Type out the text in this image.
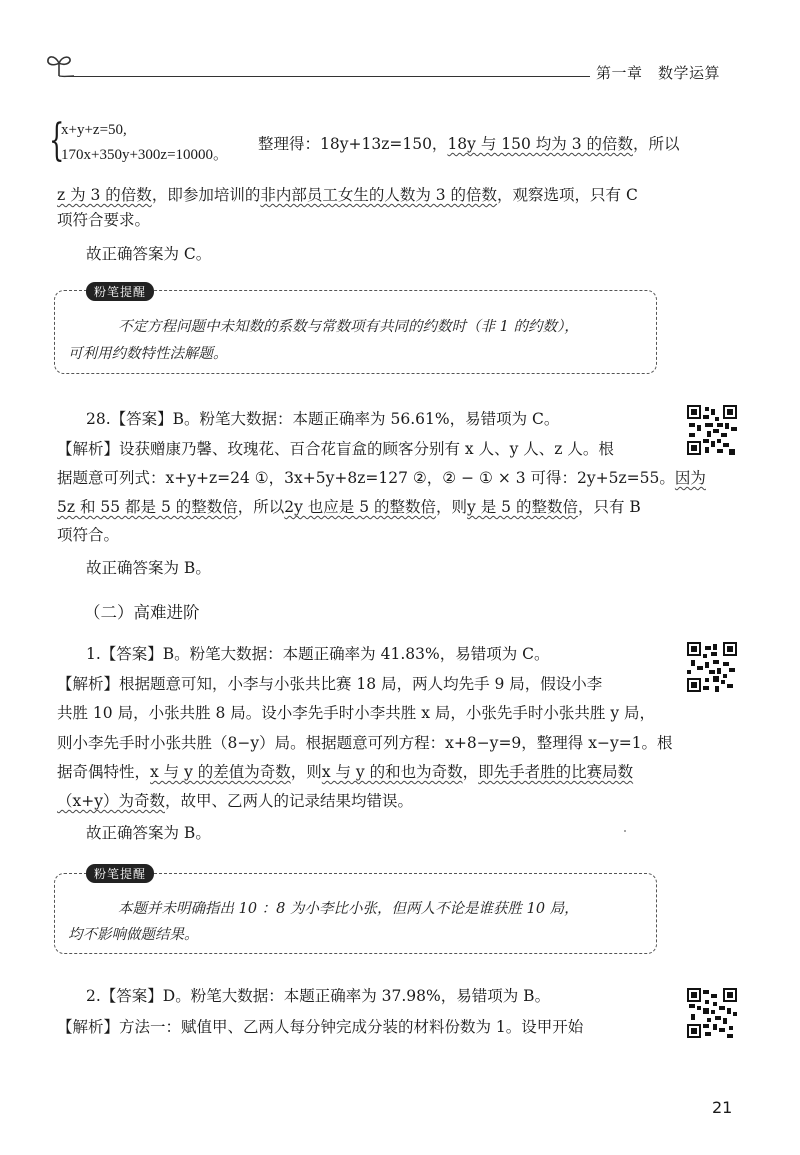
第一章　数学运算
{
x+y+z=50,
170x+350y+300z=10000。
整理得：18y+13z=150，18y 与 150 均为 3 的倍数，所以
z 为 3 的倍数，即参加培训的非内部员工女生的人数为 3 的倍数，观察选项，只有 C
项符合要求。
故正确答案为 C。
粉笔提醒
不定方程问题中未知数的系数与常数项有共同的约数时（非 1 的约数），
可利用约数特性法解题。
28.【答案】B。粉笔大数据：本题正确率为 56.61%，易错项为 C。
【解析】设获赠康乃馨、玫瑰花、百合花盲盒的顾客分别有 x 人、y 人、z 人。根
据题意可列式：x+y+z=24 ①，3x+5y+8z=127 ②，② − ① × 3 可得：2y+5z=55。因为
5z 和 55 都是 5 的整数倍，所以2y 也应是 5 的整数倍，则y 是 5 的整数倍，只有 B
项符合。
故正确答案为 B。
（二）高难进阶
1.【答案】B。粉笔大数据：本题正确率为 41.83%，易错项为 C。
【解析】根据题意可知，小李与小张共比赛 18 局，两人均先手 9 局，假设小李
共胜 10 局，小张共胜 8 局。设小李先手时小李共胜 x 局，小张先手时小张共胜 y 局，
则小李先手时小张共胜（8−y）局。根据题意可列方程：x+8−y=9，整理得 x−y=1。根
据奇偶特性，x 与 y 的差值为奇数，则x 与 y 的和也为奇数，即先手者胜的比赛局数
（x+y）为奇数，故甲、乙两人的记录结果均错误。
故正确答案为 B。
粉笔提醒
本题并未明确指出 10 ：8 为小李比小张，但两人不论是谁获胜 10 局，
均不影响做题结果。
2.【答案】D。粉笔大数据：本题正确率为 37.98%，易错项为 B。
【解析】方法一：赋值甲、乙两人每分钟完成分装的材料份数为 1。设甲开始
21
